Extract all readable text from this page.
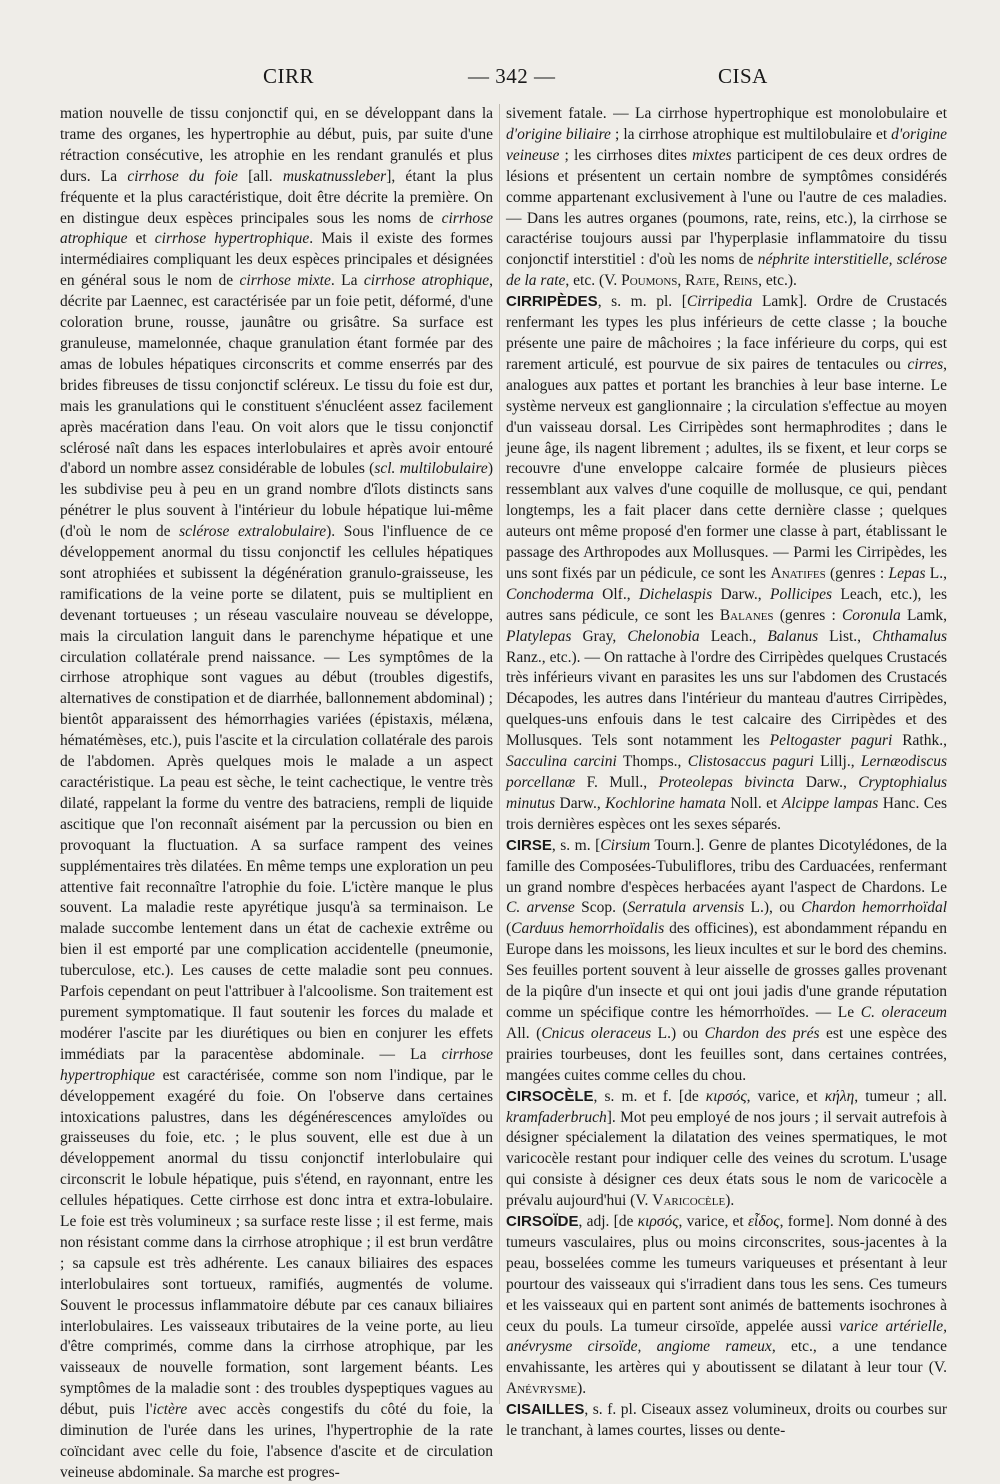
CIRR	— 342 —	CISA

mation nouvelle de tissu conjonctif qui, en se développant dans la trame des organes, les hypertrophie au début, puis, par suite d'une rétraction consécutive, les atrophie en les rendant granulés et plus durs. La cirrhose du foie [all. muskatnussleber], étant la plus fréquente et la plus caractéristique, doit être décrite la première. On en distingue deux espèces principales sous les noms de cirrhose atrophique et cirrhose hypertrophique. Mais il existe des formes intermédiaires compliquant les deux espèces principales et désignées en général sous le nom de cirrhose mixte. La cirrhose atrophique, décrite par Laennec, est caractérisée par un foie petit, déformé, d'une coloration brune, rousse, jaunâtre ou grisâtre. Sa surface est granuleuse, mamelonnée, chaque granulation étant formée par des amas de lobules hépatiques circonscrits et comme enserrés par des brides fibreuses de tissu conjonctif scléreux. Le tissu du foie est dur, mais les granulations qui le constituent s'énucléent assez facilement après macération dans l'eau. On voit alors que le tissu conjonctif sclérosé naît dans les espaces interlobulaires et après avoir entouré d'abord un nombre assez considérable de lobules (scl. multilobulaire) les subdivise peu à peu en un grand nombre d'îlots distincts sans pénétrer le plus souvent à l'intérieur du lobule hépatique lui-même (d'où le nom de sclérose extralobulaire). Sous l'influence de ce développement anormal du tissu conjonctif les cellules hépatiques sont atrophiées et subissent la dégénération granulo-graisseuse, les ramifications de la veine porte se dilatent, puis se multiplient en devenant tortueuses ; un réseau vasculaire nouveau se développe, mais la circulation languit dans le parenchyme hépatique et une circulation collatérale prend naissance. — Les symptômes de la cirrhose atrophique sont vagues au début (troubles digestifs, alternatives de constipation et de diarrhée, ballonnement abdominal) ; bientôt apparaissent des hémorrhagies variées (épistaxis, mélæna, hématémèses, etc.), puis l'ascite et la circulation collatérale des parois de l'abdomen. Après quelques mois le malade a un aspect caractéristique. La peau est sèche, le teint cachectique, le ventre très dilaté, rappelant la forme du ventre des batraciens, rempli de liquide ascitique que l'on reconnaît aisément par la percussion ou bien en provoquant la fluctuation. A sa surface rampent des veines supplémentaires très dilatées. En même temps une exploration un peu attentive fait reconnaître l'atrophie du foie. L'ictère manque le plus souvent. La maladie reste apyrétique jusqu'à sa terminaison. Le malade succombe lentement dans un état de cachexie extrême ou bien il est emporté par une complication accidentelle (pneumonie, tuberculose, etc.). Les causes de cette maladie sont peu connues. Parfois cependant on peut l'attribuer à l'alcoolisme. Son traitement est purement symptomatique. Il faut soutenir les forces du malade et modérer l'ascite par les diurétiques ou bien en conjurer les effets immédiats par la paracentèse abdominale. — La cirrhose hypertrophique est caractérisée, comme son nom l'indique, par le développement exagéré du foie. On l'observe dans certaines intoxications palustres, dans les dégénérescences amyloïdes ou graisseuses du foie, etc. ; le plus souvent, elle est due à un développement anormal du tissu conjonctif interlobulaire qui circonscrit le lobule hépatique, puis s'étend, en rayonnant, entre les cellules hépatiques. Cette cirrhose est donc intra et extra-lobulaire. Le foie est très volumineux ; sa surface reste lisse ; il est ferme, mais non résistant comme dans la cirrhose atrophique ; il est brun verdâtre ; sa capsule est très adhérente. Les canaux biliaires des espaces interlobulaires sont tortueux, ramifiés, augmentés de volume. Souvent le processus inflammatoire débute par ces canaux biliaires interlobulaires. Les vaisseaux tributaires de la veine porte, au lieu d'être comprimés, comme dans la cirrhose atrophique, par les vaisseaux de nouvelle formation, sont largement béants. Les symptômes de la maladie sont : des troubles dyspeptiques vagues au début, puis l'ictère avec accès congestifs du côté du foie, la diminution de l'urée dans les urines, l'hypertrophie de la rate coïncidant avec celle du foie, l'absence d'ascite et de circulation veineuse abdominale. Sa marche est progres-

sivement fatale. — La cirrhose hypertrophique est monolobulaire et d'origine biliaire ; la cirrhose atrophique est multilobulaire et d'origine veineuse ; les cirrhoses dites mixtes participent de ces deux ordres de lésions et présentent un certain nombre de symptômes considérés comme appartenant exclusivement à l'une ou l'autre de ces maladies. — Dans les autres organes (poumons, rate, reins, etc.), la cirrhose se caractérise toujours aussi par l'hyperplasie inflammatoire du tissu conjonctif interstitiel : d'où les noms de néphrite interstitielle, sclérose de la rate, etc. (V. Poumons, Rate, Reins, etc.).

CIRRIPÈDES, s. m. pl. [Cirripedia Lamk]. Ordre de Crustacés renfermant les types les plus inférieurs de cette classe ; la bouche présente une paire de mâchoires ; la face inférieure du corps, qui est rarement articulé, est pourvue de six paires de tentacules ou cirres, analogues aux pattes et portant les branchies à leur base interne. Le système nerveux est ganglionnaire ; la circulation s'effectue au moyen d'un vaisseau dorsal. Les Cirripèdes sont hermaphrodites ; dans le jeune âge, ils nagent librement ; adultes, ils se fixent, et leur corps se recouvre d'une enveloppe calcaire formée de plusieurs pièces ressemblant aux valves d'une coquille de mollusque, ce qui, pendant longtemps, les a fait placer dans cette dernière classe ; quelques auteurs ont même proposé d'en former une classe à part, établissant le passage des Arthropodes aux Mollusques. — Parmi les Cirripèdes, les uns sont fixés par un pédicule, ce sont les Anatifes (genres : Lepas L., Conchoderma Olf., Dichelaspis Darw., Pollicipes Leach, etc.), les autres sans pédicule, ce sont les Balanes (genres : Coronula Lamk, Platylepas Gray, Chelonobia Leach., Balanus List., Chthamalus Ranz., etc.). — On rattache à l'ordre des Cirripèdes quelques Crustacés très inférieurs vivant en parasites les uns sur l'abdomen des Crustacés Décapodes, les autres dans l'intérieur du manteau d'autres Cirripèdes, quelques-uns enfouis dans le test calcaire des Cirripèdes et des Mollusques. Tels sont notamment les Peltogaster paguri Rathk., Sacculina carcini Thomps., Clistosaccus paguri Lillj., Lernæodiscus porcellanæ F. Mull., Proteolepas bivincta Darw., Cryptophialus minutus Darw., Kochlorine hamata Noll. et Alcippe lampas Hanc. Ces trois dernières espèces ont les sexes séparés.

CIRSE, s. m. [Cirsium Tourn.]. Genre de plantes Dicotylédones, de la famille des Composées-Tubuliflores, tribu des Carduacées, renfermant un grand nombre d'espèces herbacées ayant l'aspect de Chardons. Le C. arvense Scop. (Serratula arvensis L.), ou Chardon hemorrhoïdal (Carduus hemorrhoïdalis des officines), est abondamment répandu en Europe dans les moissons, les lieux incultes et sur le bord des chemins. Ses feuilles portent souvent à leur aisselle de grosses galles provenant de la piqûre d'un insecte et qui ont joui jadis d'une grande réputation comme un spécifique contre les hémorrhoïdes. — Le C. oleraceum All. (Cnicus oleraceus L.) ou Chardon des prés est une espèce des prairies tourbeuses, dont les feuilles sont, dans certaines contrées, mangées cuites comme celles du chou.

CIRSOCÈLE, s. m. et f. [de κιρσός, varice, et κήλη, tumeur ; all. kramfaderbruch]. Mot peu employé de nos jours ; il servait autrefois à désigner spécialement la dilatation des veines spermatiques, le mot varicocèle restant pour indiquer celle des veines du scrotum. L'usage qui consiste à désigner ces deux états sous le nom de varicocèle a prévalu aujourd'hui (V. Varicocèle).

CIRSOÏDE, adj. [de κιρσός, varice, et εἶδος, forme]. Nom donné à des tumeurs vasculaires, plus ou moins circonscrites, sous-jacentes à la peau, bosselées comme les tumeurs variqueuses et présentant à leur pourtour des vaisseaux qui s'irradient dans tous les sens. Ces tumeurs et les vaisseaux qui en partent sont animés de battements isochrones à ceux du pouls. La tumeur cirsoïde, appelée aussi varice artérielle, anévrysme cirsoïde, angiome rameux, etc., a une tendance envahissante, les artères qui y aboutissent se dilatant à leur tour (V. Anévrysme).

CISAILLES, s. f. pl. Ciseaux assez volumineux, droits ou courbes sur le tranchant, à lames courtes, lisses ou dente-
